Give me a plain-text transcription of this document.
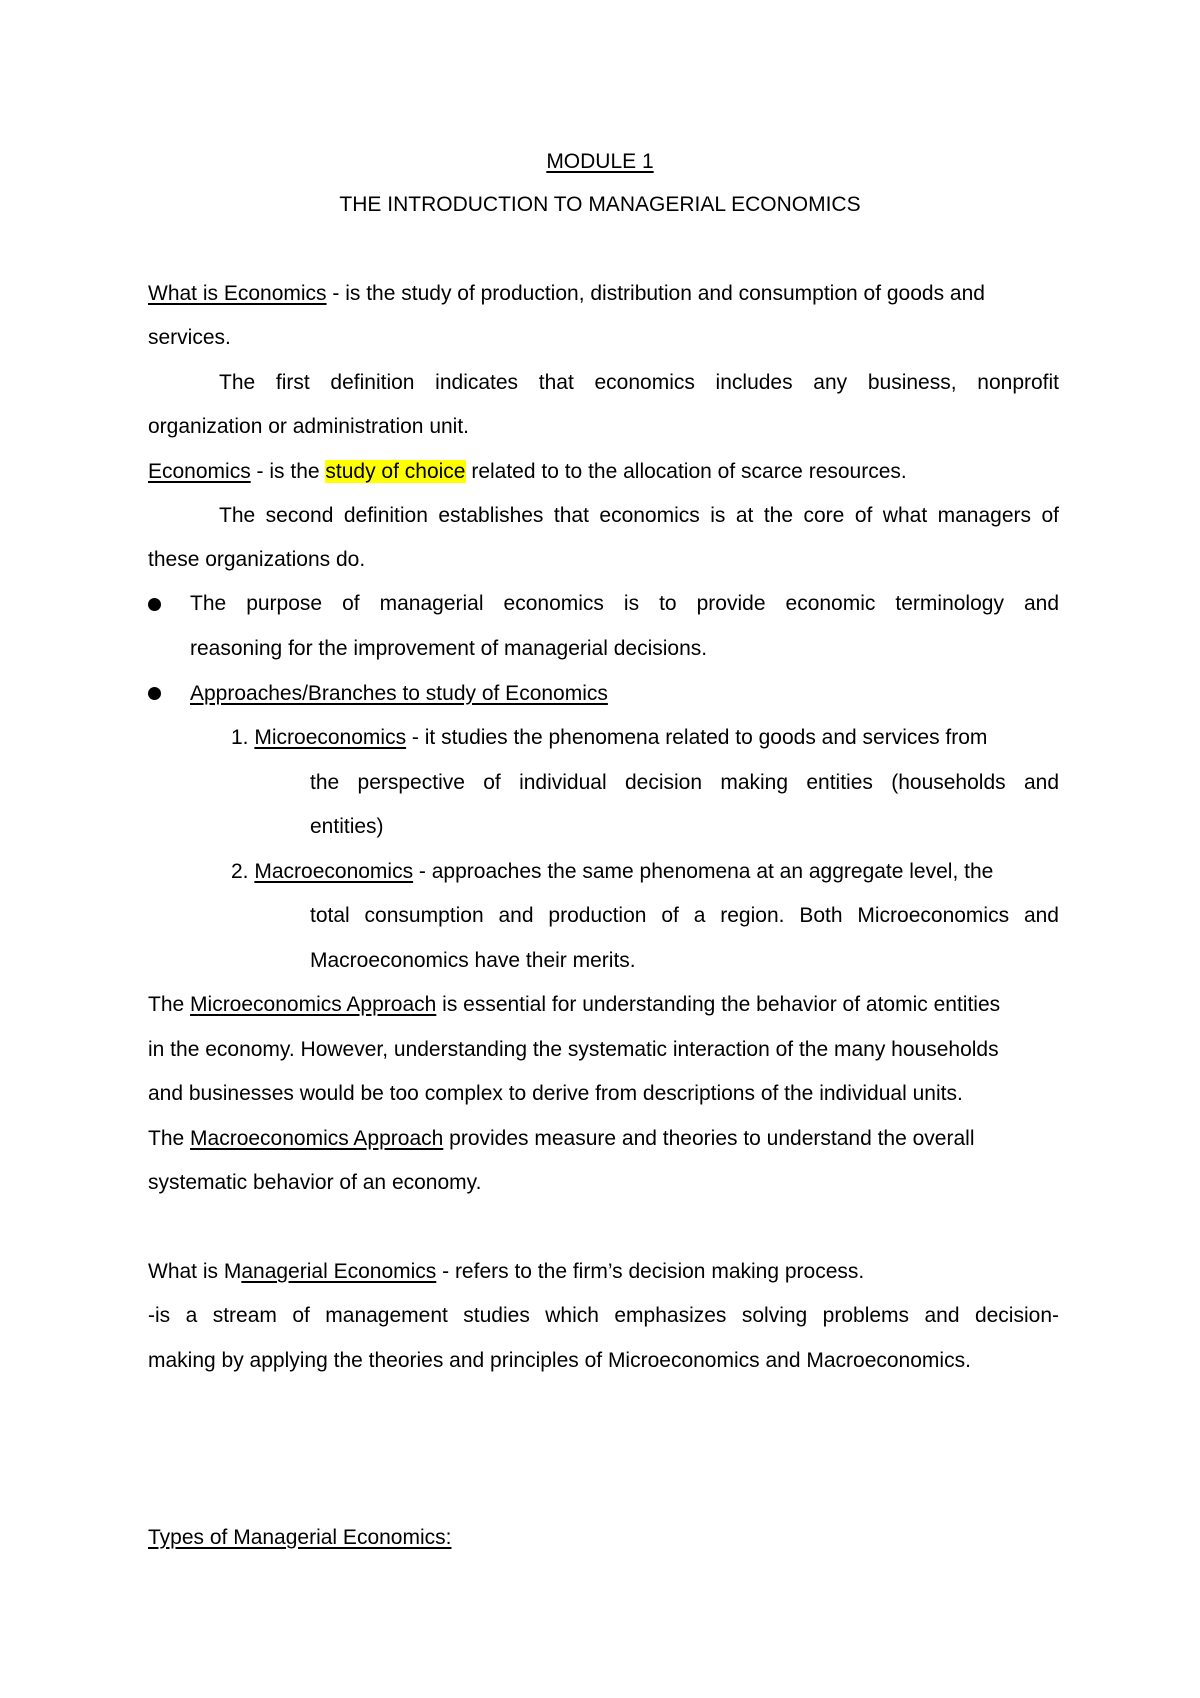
MODULE 1
THE INTRODUCTION TO MANAGERIAL ECONOMICS
What is Economics - is the study of production, distribution and consumption of goods and
services.
The first definition indicates that economics includes any business, nonprofit
organization or administration unit.
Economics - is the study of choice related to to the allocation of scarce resources.
The second definition establishes that economics is at the core of what managers of
these organizations do.
The purpose of managerial economics is to provide economic terminology and
reasoning for the improvement of managerial decisions.
Approaches/Branches to study of Economics
1. Microeconomics - it studies the phenomena related to goods and services from
the perspective of individual decision making entities (households and
entities)
2. Macroeconomics - approaches the same phenomena at an aggregate level, the
total consumption and production of a region. Both Microeconomics and
Macroeconomics have their merits.
The Microeconomics Approach is essential for understanding the behavior of atomic entities
in the economy. However, understanding the systematic interaction of the many households
and businesses would be too complex to derive from descriptions of the individual units.
The Macroeconomics Approach provides measure and theories to understand the overall
systematic behavior of an economy.
What is Managerial Economics - refers to the firm’s decision making process.
-is a stream of management studies which emphasizes solving problems and decision-
making by applying the theories and principles of Microeconomics and Macroeconomics.
Types of Managerial Economics:
